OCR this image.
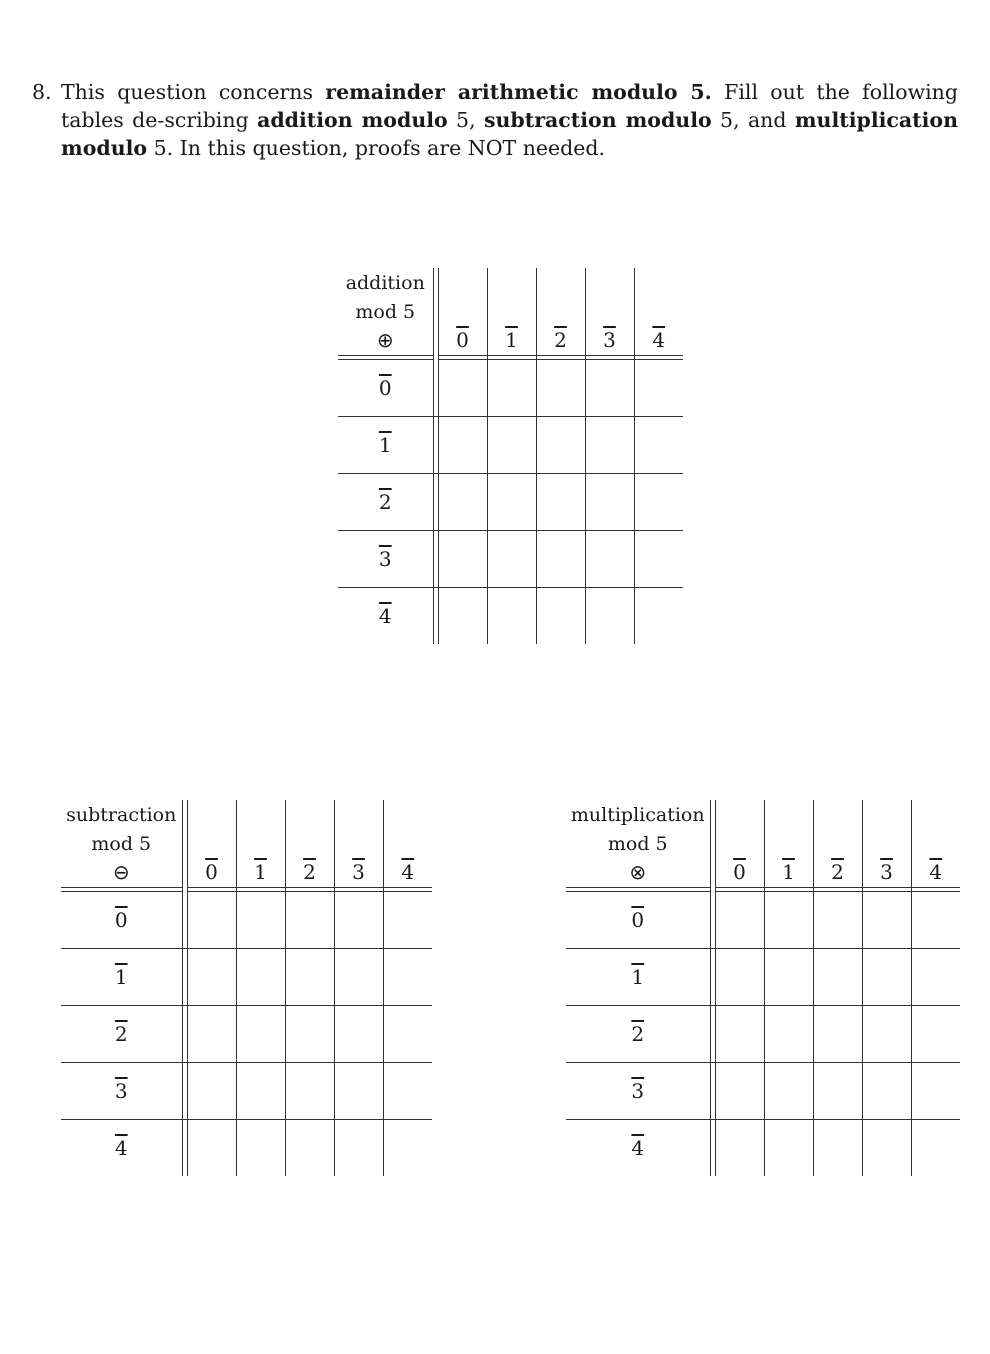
8. This question concerns remainder arithmetic modulo 5. Fill out the following tables de-scribing addition modulo 5, subtraction modulo 5, and multiplication modulo 5. In this question, proofs are NOT needed.
addition						
mod 5						
⊕		0	1	2	3	4

0						
1						
2						
3						
4						
subtraction						
mod 5						
⊖		0	1	2	3	4

0						
1						
2						
3						
4						
multiplication						
mod 5						
⊗		0	1	2	3	4

0						
1						
2						
3						
4						
